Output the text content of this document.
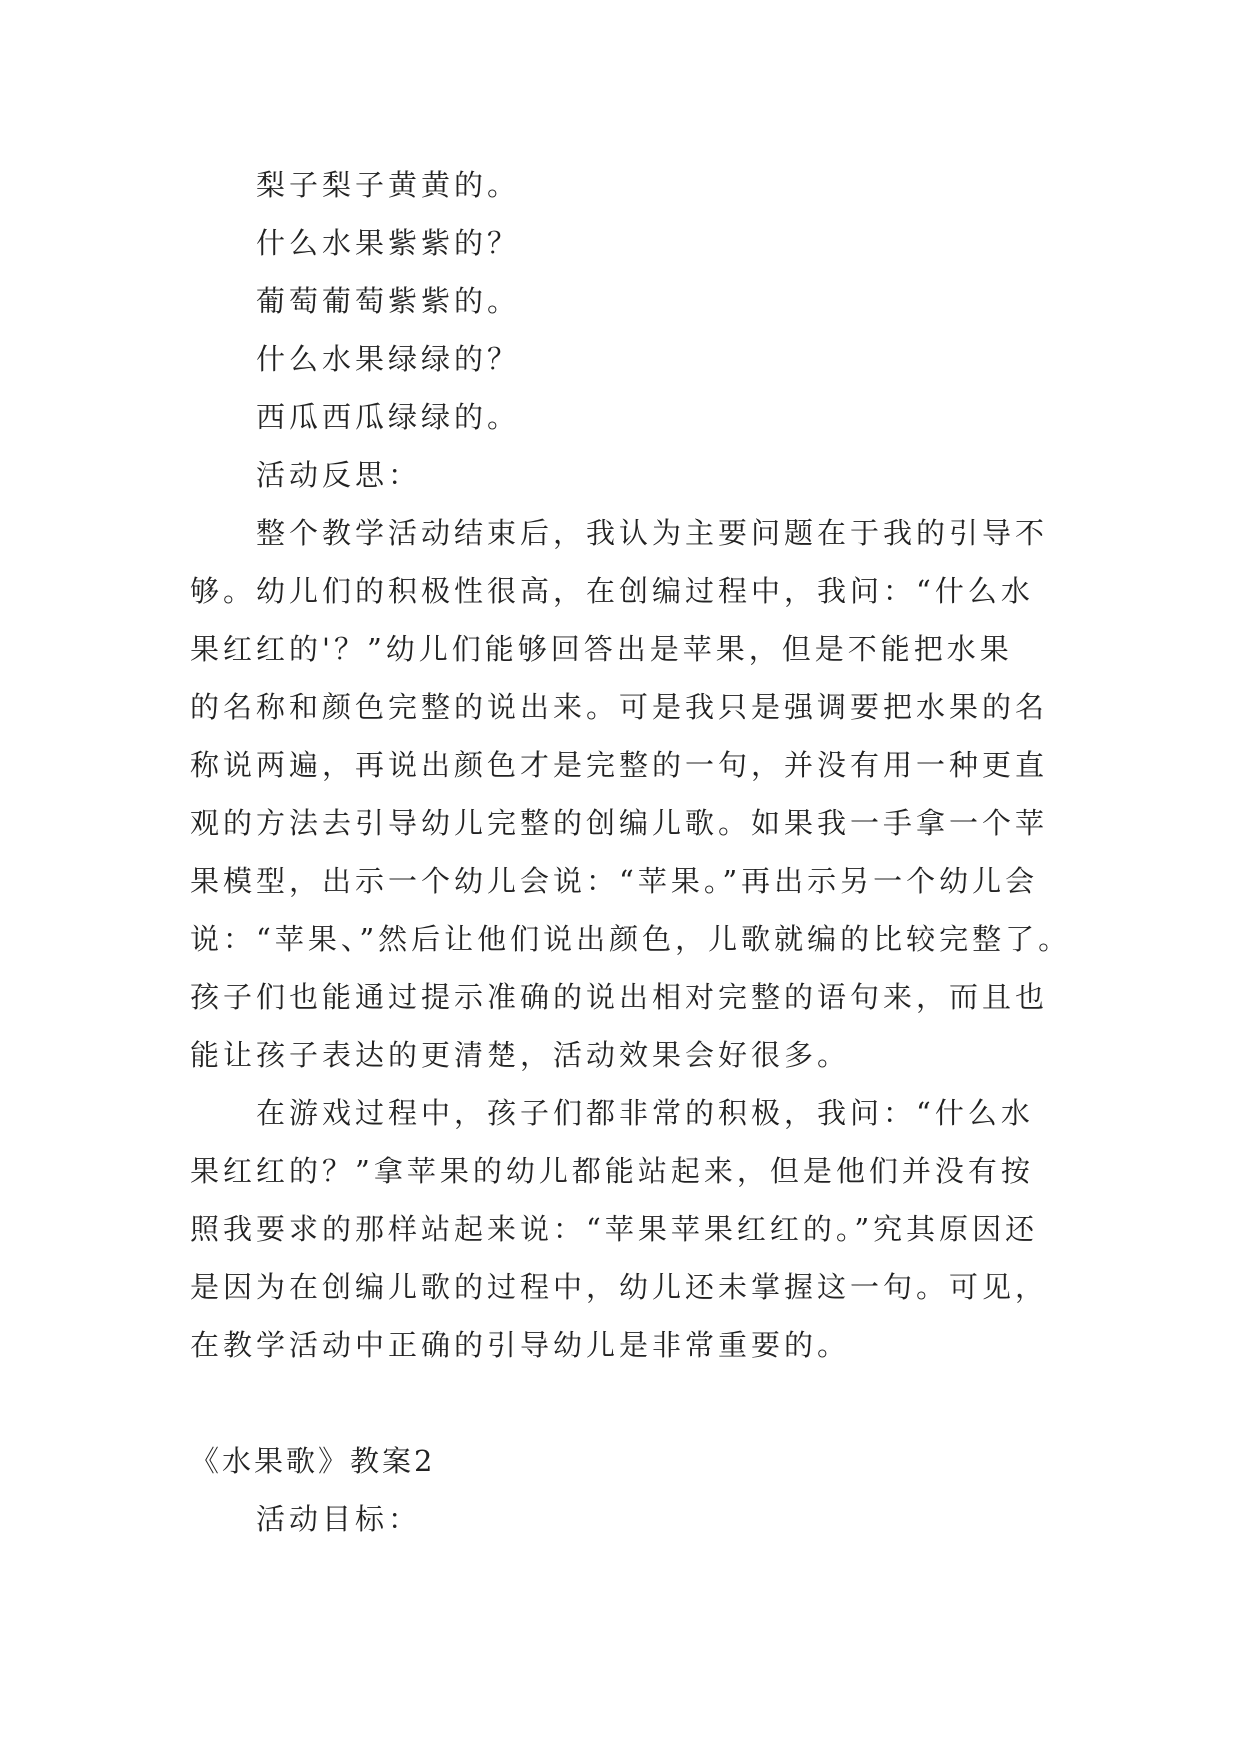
梨子梨子黄黄的。
什么水果紫紫的？
葡萄葡萄紫紫的。
什么水果绿绿的？
西瓜西瓜绿绿的。
活动反思：

整个教学活动结束后，我认为主要问题在于我的引导不
够。幼儿们的积极性很高，在创编过程中，我问：“什么水
果红红的'？”幼儿们能够回答出是苹果，但是不能把水果
的名称和颜色完整的说出来。可是我只是强调要把水果的名
称说两遍，再说出颜色才是完整的一句，并没有用一种更直
观的方法去引导幼儿完整的创编儿歌。如果我一手拿一个苹
果模型，出示一个幼儿会说：“苹果。”再出示另一个幼儿会
说：“苹果、”然后让他们说出颜色，儿歌就编的比较完整了。
孩子们也能通过提示准确的说出相对完整的语句来，而且也
能让孩子表达的更清楚，活动效果会好很多。

在游戏过程中，孩子们都非常的积极，我问：“什么水
果红红的？”拿苹果的幼儿都能站起来，但是他们并没有按
照我要求的那样站起来说：“苹果苹果红红的。”究其原因还
是因为在创编儿歌的过程中，幼儿还未掌握这一句。可见，
在教学活动中正确的引导幼儿是非常重要的。

《水果歌》教案2
活动目标：
